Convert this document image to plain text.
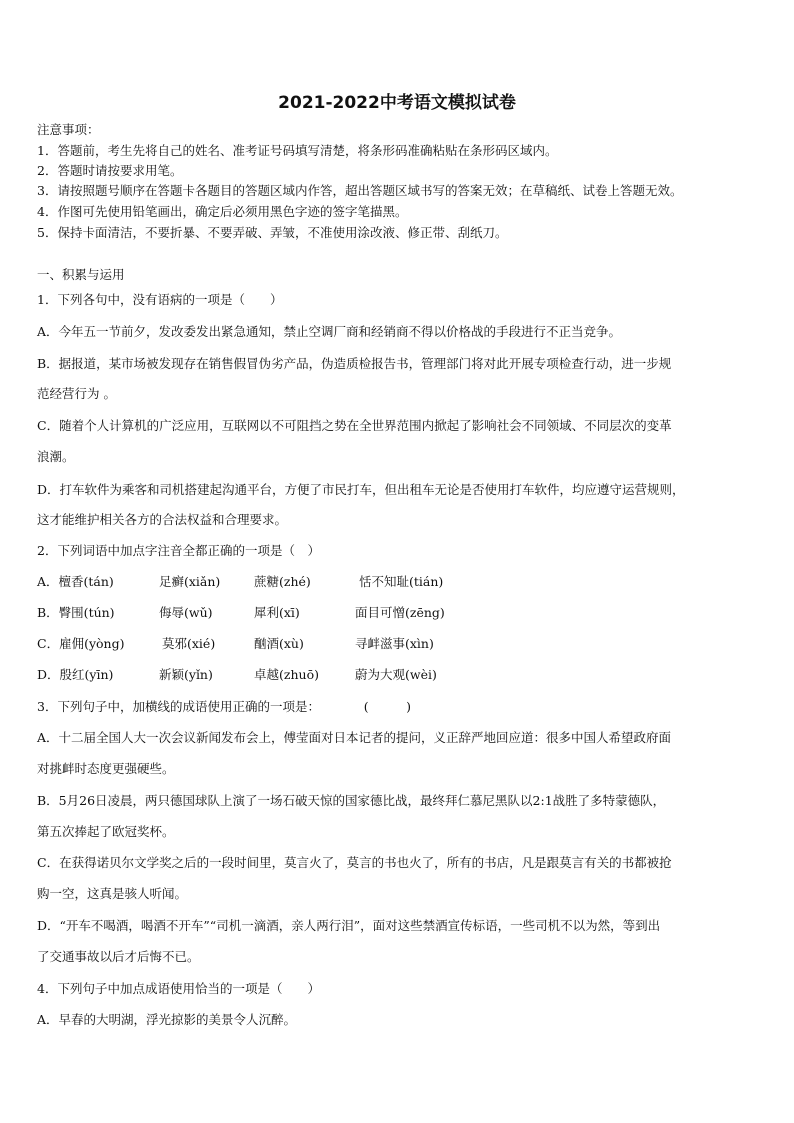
2021-2022中考语文模拟试卷
注意事项：
1．答题前，考生先将自己的姓名、准考证号码填写清楚，将条形码准确粘贴在条形码区域内。
2．答题时请按要求用笔。
3．请按照题号顺序在答题卡各题目的答题区域内作答，超出答题区域书写的答案无效；在草稿纸、试卷上答题无效。
4．作图可先使用铅笔画出，确定后必须用黑色字迹的签字笔描黑。
5．保持卡面清洁，不要折暴、不要弄破、弄皱，不准使用涂改液、修正带、刮纸刀。
一、积累与运用
1．下列各句中，没有语病的一项是（　　）
A．今年五一节前夕，发改委发出紧急通知，禁止空调厂商和经销商不得以价格战的手段进行不正当竞争。
B．据报道，某市场被发现存在销售假冒伪劣产品，伪造质检报告书，管理部门将对此开展专项检查行动，进一步规
范经营行为 。
C．随着个人计算机的广泛应用，互联网以不可阻挡之势在全世界范围内掀起了影响社会不同领域、不同层次的变革
浪潮。
D．打车软件为乘客和司机搭建起沟通平台，方便了市民打车，但出租车无论是否使用打车软件，均应遵守运营规则，
这才能维护相关各方的合法权益和合理要求。
2．下列词语中加点字注音全都正确的一项是（　）
A．檀香(tán)	足癣(xiǎn)	蔗糖(zhé)	恬不知耻(tián)
B．臀围(tún)	侮辱(wǔ)	犀利(xī)	面目可憎(zēng)
C．雇佣(yòng)	莫邪(xié)	酗酒(xù)	寻衅滋事(xìn)
D．殷红(yīn)	新颖(yǐn)	卓越(zhuō)	蔚为大观(wèi)
3．下列句子中，加横线的成语使用正确的一项是：　　　　(　　　)
A．十二届全国人大一次会议新闻发布会上，傅莹面对日本记者的提问，义正辞严地回应道：很多中国人希望政府面
对挑衅时态度更强硬些。
B．5月26日凌晨，两只德国球队上演了一场石破天惊的国家德比战，最终拜仁慕尼黑队以2:1战胜了多特蒙德队，
第五次捧起了欧冠奖杯。
C．在获得诺贝尔文学奖之后的一段时间里，莫言火了，莫言的书也火了，所有的书店，凡是跟莫言有关的书都被抢
购一空，这真是骇人听闻。
D．“开车不喝酒，喝酒不开车”“司机一滴酒，亲人两行泪”，面对这些禁酒宣传标语，一些司机不以为然，等到出
了交通事故以后才后悔不已。
4．下列句子中加点成语使用恰当的一项是（　　）
A．早春的大明湖，浮光掠影的美景令人沉醉。
